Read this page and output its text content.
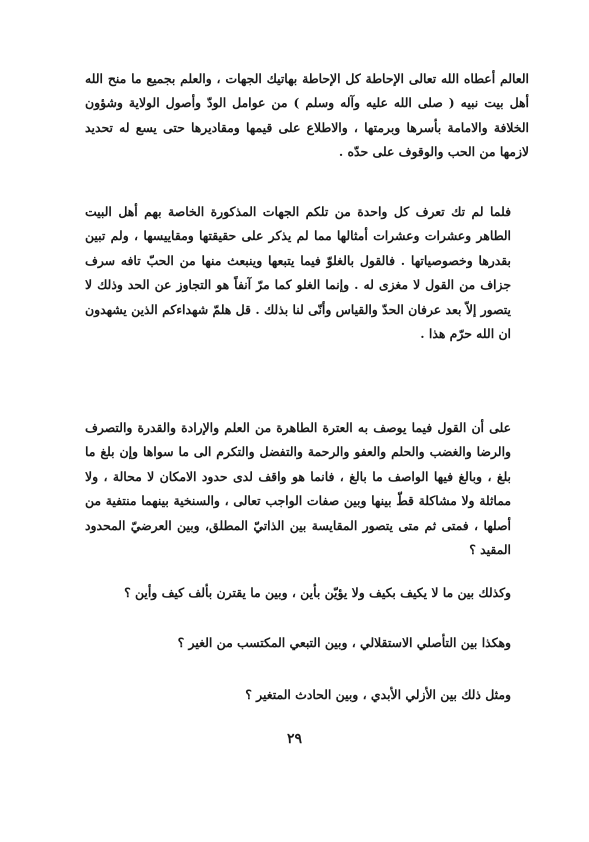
العالم أعطاه الله تعالى الإحاطة كل الإحاطة بهاتيك الجهات ، والعلم بجميع ما منح الله أهل بيت نبيه ( صلى الله عليه وآله وسلم ) من عوامل الودّ وأصول الولاية وشؤون الخلافة والامامة بأسرها وبرمتها ، والاطلاع على قيمها ومقاديرها حتى يسع له تحديد لازمها من الحب والوقوف على حدّه .

فلما لم تك تعرف كل واحدة من تلكم الجهات المذكورة الخاصة بهم أهل البيت الطاهر وعشرات وعشرات أمثالها مما لم يذكر على حقيقتها ومقاييسها ، ولم تبين بقدرها وخصوصياتها . فالقول بالغلوّ فيما يتبعها وينبعث منها من الحبّ تافه سرف جزاف من القول لا مغزى له . وإنما الغلو كما مرّ آنفاً هو التجاوز عن الحد وذلك لا يتصور إلاّ بعد عرفان الحدّ والقياس وأنّى لنا بذلك . قل هلمّ شهداءكم الذين يشهدون ان الله حرّم هذا .

على أن القول فيما يوصف به العترة الطاهرة من العلم والإرادة والقدرة والتصرف والرضا والغضب والحلم والعفو والرحمة والتفضل والتكرم الى ما سواها وإن بلغ ما بلغ ، وبالغ فيها الواصف ما بالغ ، فانما هو واقف لدى حدود الامكان لا محالة ، ولا مماثلة ولا مشاكلة قطّ بينها وبين صفات الواجب تعالى ، والسنخية بينهما منتفية من أصلها ، فمتى ثم متى يتصور المقايسة بين الذاتيّ المطلق، وبين العرضيّ المحدود المقيد ؟

وكذلك بين ما لا يكيف بكيف ولا يؤيّن بأين ، وبين ما يقترن بألف كيف وأين ؟

وهكذا بين التأصلي الاستقلالي ، وبين التبعي المكتسب من الغير ؟

ومثل ذلك بين الأزلي الأبدي ، وبين الحادث المتغير ؟

٢٩
